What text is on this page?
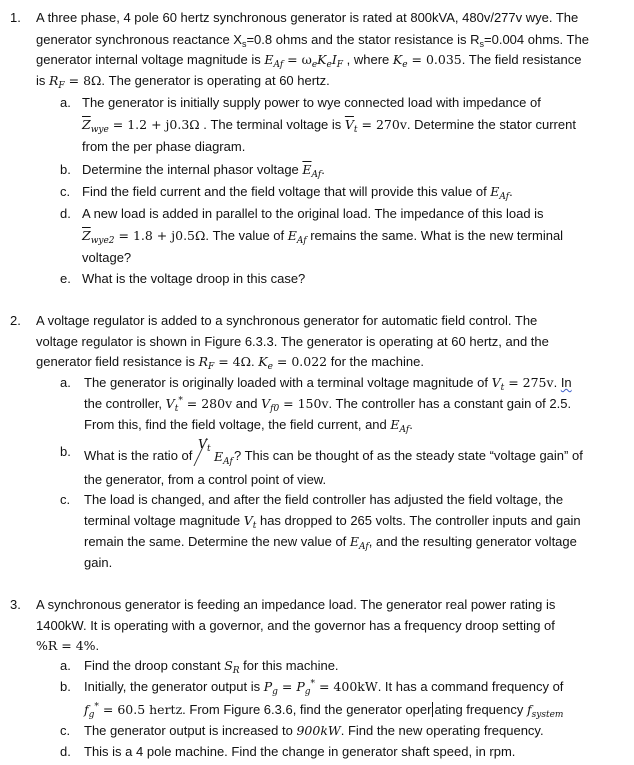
1. A three phase, 4 pole 60 hertz synchronous generator is rated at 800kVA, 480v/277v wye. The
generator synchronous reactance $X_s=0.8$ ohms and the stator resistance is $R_s=0.004$ ohms. The
generator internal voltage magnitude is $E_{Af} = \omega_eK_eI_F$ , where $K_e = 0.035$. The field resistance
is $R_F = 8\Omega$. The generator is operating at 60 hertz.
a. The generator is initially supply power to wye connected load with impedance of
$\overline{Z}_{wye} = 1.2 + j0.3\Omega$ . The terminal voltage is $\overline{V}_t = 270v$. Determine the stator current
from the per phase diagram.
b. Determine the internal phasor voltage $\overline{E}_{Af}$.
c. Find the field current and the field voltage that will provide this value of $E_{Af}$.
d. A new load is added in parallel to the original load. The impedance of this load is
$\overline{Z}_{wye2} = 1.8 + j0.5\Omega$. The value of $E_{Af}$ remains the same. What is the new terminal
voltage?
e. What is the voltage droop in this case?
2. A voltage regulator is added to a synchronous generator for automatic field control. The
voltage regulator is shown in Figure 6.3.3. The generator is operating at 60 hertz, and the
generator field resistance is $R_F = 4\Omega$. $K_e = 0.022$ for the machine.
a. The generator is originally loaded with a terminal voltage magnitude of $V_t = 275v$. In
the controller, $V_t^* = 280v$ and $V_{f0} = 150v$. The controller has a constant gain of 2.5.
From this, find the field voltage, the field current, and $E_{Af}$.
b. What is the ratio of
$V_t$ $E_{Af}$ ? This can be thought of as the steady state “voltage gain” of
the generator, from a control point of view.
c. The load is changed, and after the field controller has adjusted the field voltage, the
terminal voltage magnitude $V_t$ has dropped to 265 volts. The controller inputs and gain
remain the same. Determine the new value of $E_{Af}$, and the resulting generator voltage
gain.
3. A synchronous generator is feeding an impedance load. The generator real power rating is
1400kW. It is operating with a governor, and the governor has a frequency droop setting of
%R = 4%.
a. Find the droop constant $S_R$ for this machine.
b. Initially, the generator output is $P_g = P_g^* = 400kW$. It has a command frequency of
$f_g^* = 60.5$ hertz. From Figure 6.3.6, find the generator oper ating frequency $f_{system}$
c. The generator output is increased to 900kW. Find the new operating frequency.
d. This is a 4 pole machine. Find the change in generator shaft speed, in rpm.
